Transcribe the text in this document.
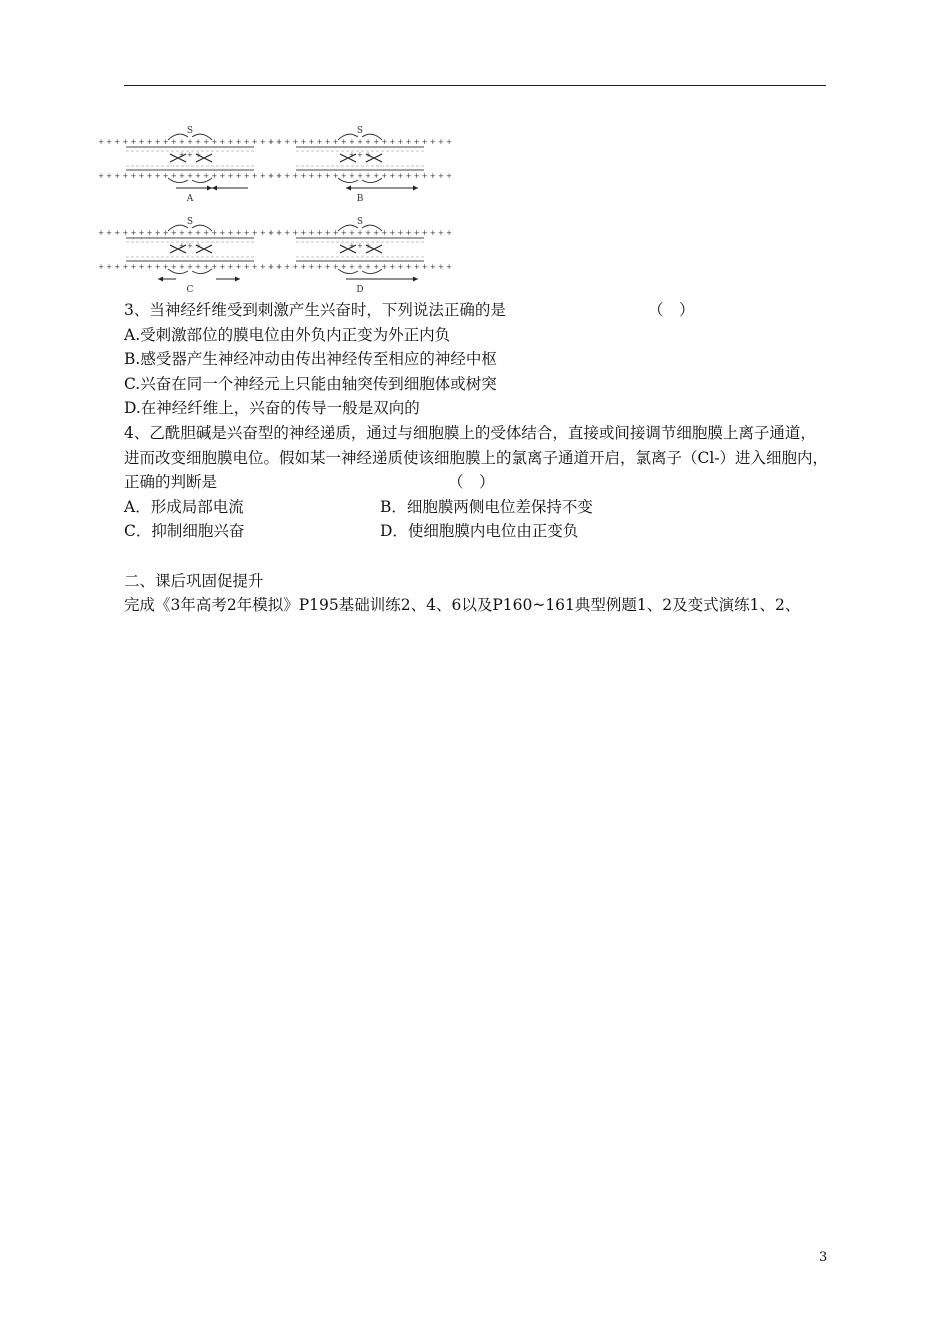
S
+ + + + + + + + + + + + + + + + + + + + + + +
+ + +
+ + + + + + + + + + + + + + + + + + + + + + +
A
S
+ + + + + + + + + + + + + + + + + + + + + + +
+ + +
+ + + + + + + + + + + + + + + + + + + + + + +
B
S
+ + + + + + + + + + + + + + + + + + + + + + +
+ + +
+ + + + + + + + + + + + + + + + + + + + + + +
C
S
+ + + + + + + + + + + + + + + + + + + + + + +
+ + +
+ + + + + + + + + + + + + + + + + + + + + + +
D
3、当神经纤维受到刺激产生兴奋时，下列说法正确的是	（　）
A.受刺激部位的膜电位由外负内正变为外正内负
B.感受器产生神经冲动由传出神经传至相应的神经中枢
C.兴奋在同一个神经元上只能由轴突传到细胞体或树突
D.在神经纤维上，兴奋的传导一般是双向的
4、乙酰胆碱是兴奋型的神经递质，通过与细胞膜上的受体结合，直接或间接调节细胞膜上离子通道，进而改变细胞膜电位。假如某一神经递质使该细胞膜上的氯离子通道开启，氯离子（Cl-）进入细胞内，正确的判断是	（　）
A．形成局部电流	B．细胞膜两侧电位差保持不变
C．抑制细胞兴奋	D．使细胞膜内电位由正变负
二、课后巩固促提升
完成《3年高考2年模拟》P195基础训练2、4、6以及P160~161典型例题1、2及变式演练1、2、
3
